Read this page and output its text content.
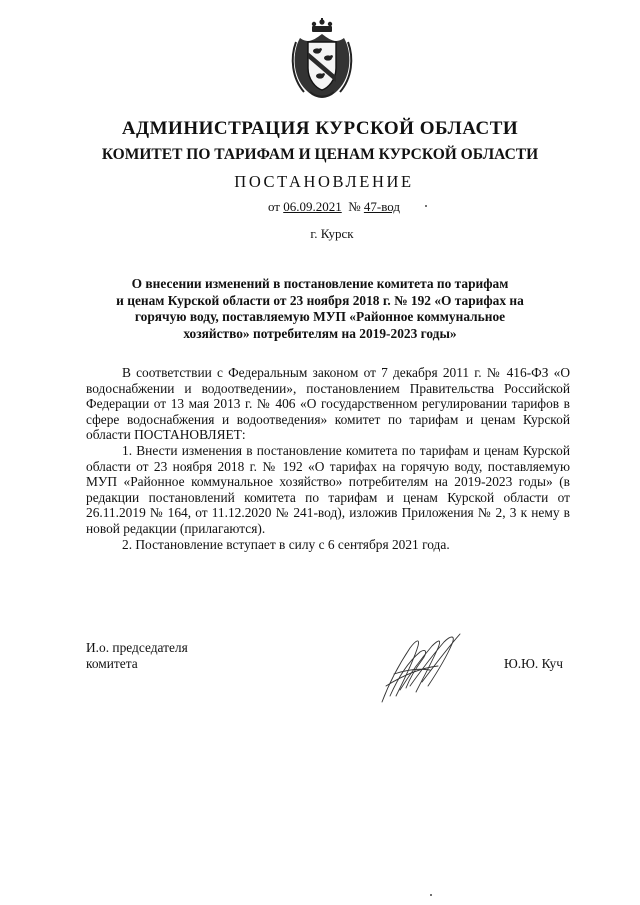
АДМИНИСТРАЦИЯ КУРСКОЙ ОБЛАСТИ
КОМИТЕТ ПО ТАРИФАМ И ЦЕНАМ КУРСКОЙ ОБЛАСТИ
ПОСТАНОВЛЕНИЕ
от 06.09.2021 № 47-вод
г. Курск
О внесении изменений в постановление комитета по тарифам
и ценам Курской области от 23 ноября 2018 г. № 192 «О тарифах на
горячую воду, поставляемую МУП «Районное коммунальное
хозяйство» потребителям на 2019-2023 годы»

В соответствии с Федеральным законом от 7 декабря 2011 г. № 416-ФЗ «О водоснабжении и водоотведении», постановлением Правительства Российской Федерации от 13 мая 2013 г. № 406 «О государственном регулировании тарифов в сфере водоснабжения и водоотведения» комитет по тарифам и ценам Курской области ПОСТАНОВЛЯЕТ:

1. Внести изменения в постановление комитета по тарифам и ценам Курской области от 23 ноября 2018 г. № 192 «О тарифах на горячую воду, поставляемую МУП «Районное коммунальное хозяйство» потребителям на 2019-2023 годы» (в редакции постановлений комитета по тарифам и ценам Курской области от 26.11.2019 № 164, от 11.12.2020 № 241-вод), изложив Приложения № 2, 3 к нему в новой редакции (прилагаются).

2. Постановление вступает в силу с 6 сентября 2021 года.

И.о. председателя
комитета	Ю.Ю. Куч
